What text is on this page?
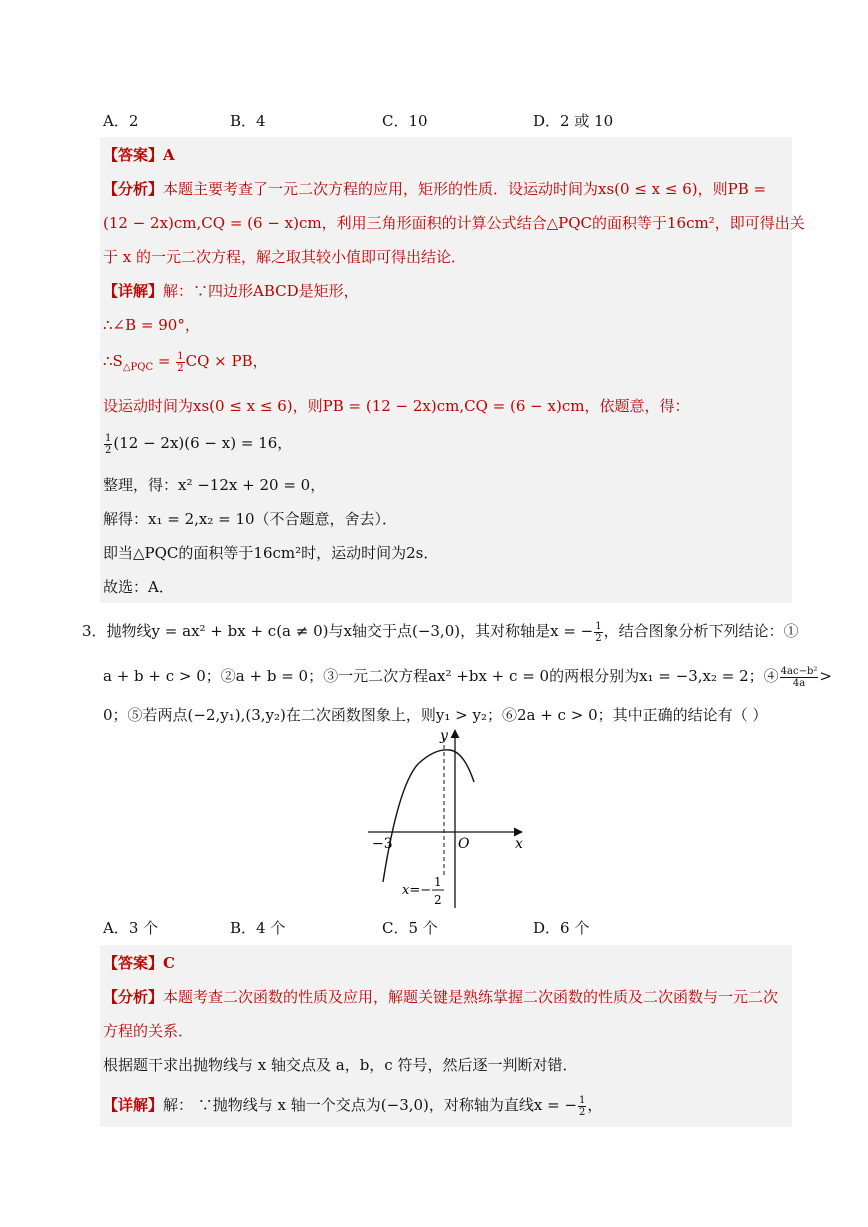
A．2	B．4	C．10	D．2 或 10
【答案】A
【分析】本题主要考查了一元二次方程的应用，矩形的性质．设运动时间为xs(0 ≤ x ≤ 6)，则PB =
(12 − 2x)cm,CQ = (6 − x)cm，利用三角形面积的计算公式结合△PQC的面积等于16cm²，即可得出关
于 x 的一元二次方程，解之取其较小值即可得出结论．
【详解】解：∵四边形ABCD是矩形，
∴∠B = 90°，
$\therefore S_{\triangle PQC} = \frac{1}{2}$ CQ × PB，
设运动时间为xs(0 ≤ x ≤ 6)，则PB = (12 − 2x)cm,CQ = (6 − x)cm，依题意，得：
$\frac{1}{2} (12 - 2x)(6 - x) = 16$，
整理，得：x² −12x + 20 = 0，
解得：x₁ = 2,x₂ = 10（不合题意，舍去）．
即当△PQC的面积等于16cm²时，运动时间为2s．
故选：A．
3．抛物线y = ax² + bx + c(a ≠ 0)与x轴交于点(−3,0)，其对称轴是x = − $\frac{1}{2}$ ，结合图象分析下列结论：①
a + b + c > 0；②a + b = 0；③一元二次方程ax² +bx + c = 0的两根分别为x₁ = −3,x₂ = 2；④ $\frac{\text{4ac−b²}}{4a}$ >
0；⑤若两点(−2,y₁),(3,y₂)在二次函数图象上，则y₁ > y₂；⑥2a + c > 0；其中正确的结论有（ ）
y
x
O
−3
x=−
1
2
A．3 个	B．4 个	C．5 个	D．6 个
【答案】C
【分析】本题考查二次函数的性质及应用，解题关键是熟练掌握二次函数的性质及二次函数与一元二次
方程的关系．
根据题干求出抛物线与 x 轴交点及 a，b，c 符号，然后逐一判断对错．
【详解】解： ∵抛物线与 x 轴一个交点为(−3,0)，对称轴为直线x = − $\frac{1}{2}$ ，
